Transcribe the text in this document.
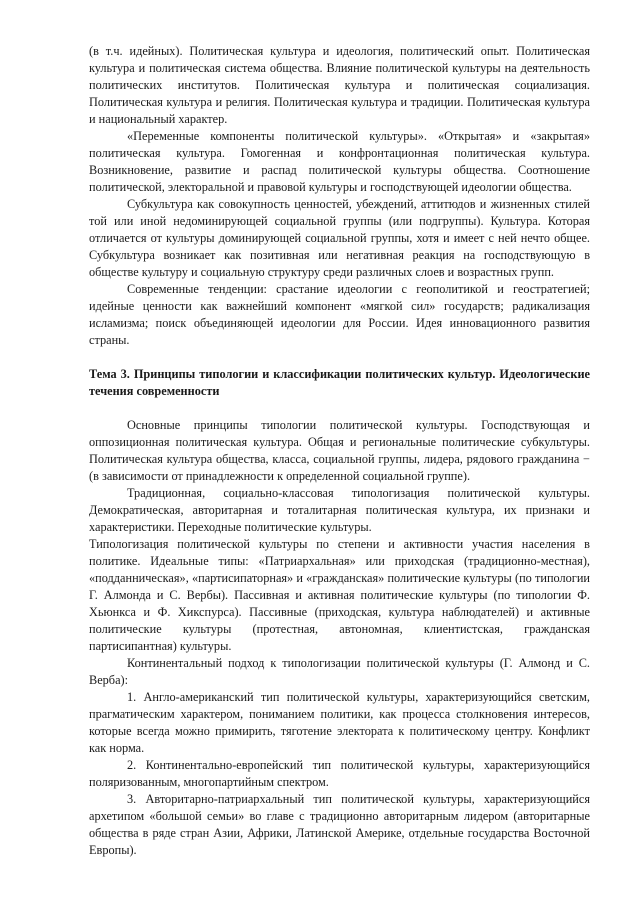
(в т.ч. идейных). Политическая культура и идеология, политический опыт. Политическая культура и политическая система общества. Влияние политической культуры на деятельность политических институтов. Политическая культура и политическая социализация. Политическая культура и религия. Политическая культура и традиции. Политическая культура и национальный характер.

«Переменные компоненты политической культуры». «Открытая» и «закрытая» политическая культура. Гомогенная и конфронтационная политическая культура. Возникновение, развитие и распад политической культуры общества. Соотношение политической, электоральной и правовой культуры и господствующей идеологии общества.

Субкультура как совокупность ценностей, убеждений, аттитюдов и жизненных стилей той или иной недоминирующей социальной группы (или подгруппы). Культура. Которая отличается от культуры доминирующей социальной группы, хотя и имеет с ней нечто общее. Субкультура возникает как позитивная или негативная реакция на господствующую в обществе культуру и социальную структуру среди различных слоев и возрастных групп.

Современные тенденции: срастание идеологии с геополитикой и геостратегией; идейные ценности как важнейший компонент «мягкой сил» государств; радикализация исламизма; поиск объединяющей идеологии для России. Идея инновационного развития страны.

Тема 3. Принципы типологии и классификации политических культур. Идеологические течения современности

Основные принципы типологии политической культуры. Господствующая и оппозиционная политическая культура. Общая и региональные политические субкультуры. Политическая культура общества, класса, социальной группы, лидера, рядового гражданина − (в зависимости от принадлежности к определенной социальной группе).

Традиционная, социально-классовая типологизация политической культуры. Демократическая, авторитарная и тоталитарная политическая культура, их признаки и характеристики. Переходные политические культуры.

Типологизация политической культуры по степени и активности участия населения в политике. Идеальные типы: «Патриархальная» или приходская (традиционно-местная), «подданническая», «партисипаторная» и «гражданская» политические культуры (по типологии Г. Алмонда и С. Вербы). Пассивная и активная политические культуры (по типологии Ф. Хьюнкса и Ф. Хикспурса). Пассивные (приходская, культура наблюдателей) и активные политические культуры (протестная, автономная, клиентистская, гражданская партисипантная) культуры.

Континентальный подход к типологизации политической культуры (Г. Алмонд и С. Верба):

1. Англо-американский тип политической культуры, характеризующийся светским, прагматическим характером, пониманием политики, как процесса столкновения интересов, которые всегда можно примирить, тяготение электората к политическому центру. Конфликт как норма.

2. Континентально-европейский тип политической культуры, характеризующийся поляризованным, многопартийным спектром.

3. Авторитарно-патриархальный тип политической культуры, характеризующийся архетипом «большой семьи» во главе с традиционно авторитарным лидером (авторитарные общества в ряде стран Азии, Африки, Латинской Америке, отдельные государства Восточной Европы).
